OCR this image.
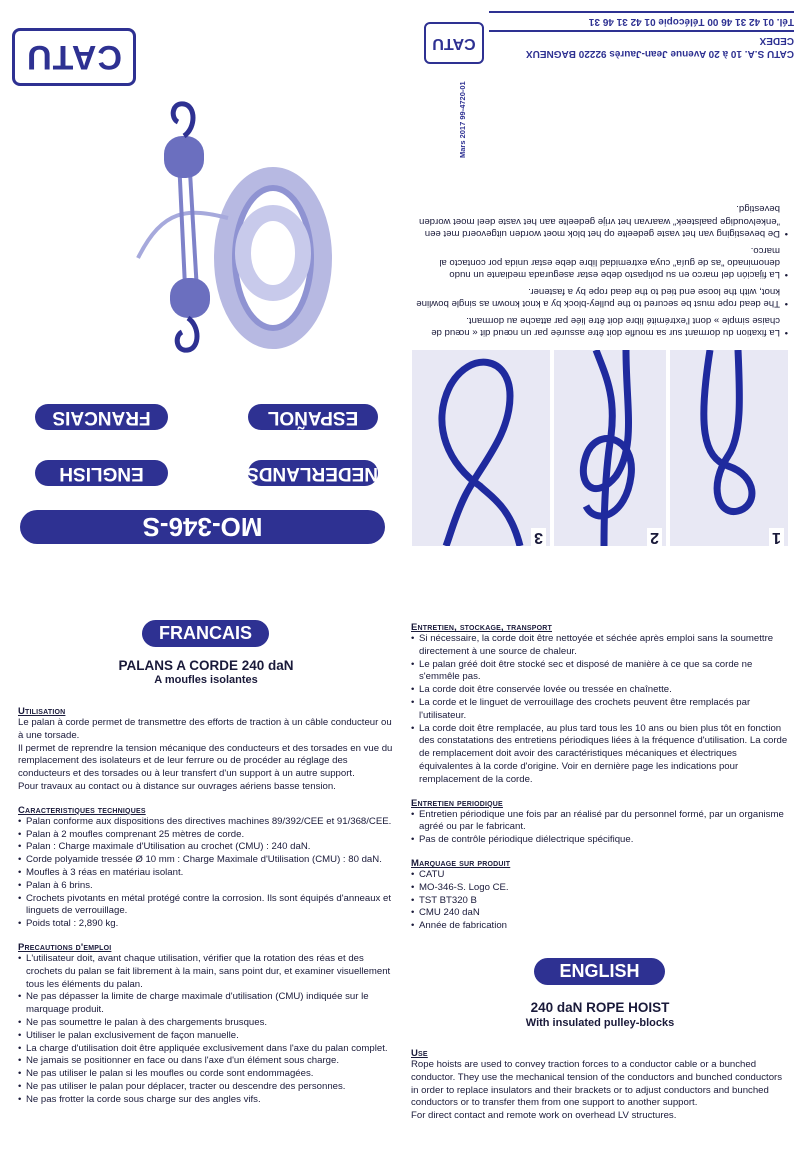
1
2
3
• La fixation du dormant sur sa moufle doit être assurée par un nœud dit « nœud de chaise simple » dont l'extrémité libre doit être liée par attache au dormant.
• The dead rope must be secured to the pulley-block by a knot known as single bowline knot, with the loose end tied to the dead rope by a fastener.
• La fijación del marco en su polipasto debe estar asegurada mediante un nudo denominado "as de guía" cuya extremidad libre debe estar unida por contacto al marco.
• De bevestiging van het vaste gedeelte op het blok moet worden uitgevoerd met een "enkelvoudige paalsteek" waarvan het vrije gedeelte aan het vaste deel moet worden bevestigd.
Mars 2017 99-4720-01
CATU S.A. 10 à 20 Avenue Jean-Jaurès 92220 BAGNEUX CEDEX
Tél. 01 42 31 46 00 Télécopie 01 42 31 46 31
CATU
MO-346-S
NEDERLANDS
ENGLISH
ESPAÑOL
FRANCAIS
CATU
FRANCAIS
PALANS A CORDE 240 daN
A moufles isolantes
Utilisation

Le palan à corde permet de transmettre des efforts de traction à un câble conducteur ou à une torsade.

Il permet de reprendre la tension mécanique des conducteurs et des torsades en vue du remplacement des isolateurs et de leur ferrure ou de procéder au réglage des conducteurs et des torsades ou à leur transfert d'un support à un autre support.

Pour travaux au contact ou à distance sur ouvrages aériens basse tension.

Caracteristiques techniques
• Palan conforme aux dispositions des directives machines 89/392/CEE et 91/368/CEE.
• Palan à 2 moufles comprenant 25 mètres de corde.
• Palan : Charge maximale d'Utilisation au crochet (CMU) : 240 daN.
• Corde polyamide tressée Ø 10 mm : Charge Maximale d'Utilisation (CMU) : 80 daN.
• Moufles à 3 réas en matériau isolant.
• Palan à 6 brins.
• Crochets pivotants en métal protégé contre la corrosion. Ils sont équipés d'anneaux et linguets de verrouillage.
• Poids total : 2,890 kg.
Precautions d'emploi
• L'utilisateur doit, avant chaque utilisation, vérifier que la rotation des réas et des crochets du palan se fait librement à la main, sans point dur, et examiner visuellement tous les éléments du palan.
• Ne pas dépasser la limite de charge maximale d'utilisation (CMU) indiquée sur le marquage produit.
• Ne pas soumettre le palan à des chargements brusques.
• Utiliser le palan exclusivement de façon manuelle.
• La charge d'utilisation doit être appliquée exclusivement dans l'axe du palan complet.
• Ne jamais se positionner en face ou dans l'axe d'un élément sous charge.
• Ne pas utiliser le palan si les moufles ou corde sont endommagées.
• Ne pas utiliser le palan pour déplacer, tracter ou descendre des personnes.
• Ne pas frotter la corde sous charge sur des angles vifs.
Entretien, stockage, transport
• Si nécessaire, la corde doit être nettoyée et séchée après emploi sans la soumettre directement à une source de chaleur.
• Le palan gréé doit être stocké sec et disposé de manière à ce que sa corde ne s'emmêle pas.
• La corde doit être conservée lovée ou tressée en chaînette.
• La corde et le linguet de verrouillage des crochets peuvent être remplacés par l'utilisateur.
• La corde doit être remplacée, au plus tard tous les 10 ans ou bien plus tôt en fonction des constatations des entretiens périodiques liées à la fréquence d'utilisation. La corde de remplacement doit avoir des caractéristiques mécaniques et électriques équivalentes à la corde d'origine. Voir en dernière page les indications pour remplacement de la corde.
Entretien periodique
• Entretien périodique une fois par an réalisé par du personnel formé, par un organisme agréé ou par le fabricant.
• Pas de contrôle périodique diélectrique spécifique.
Marquage sur produit
• CATU
• MO-346-S. Logo CE.
• TST BT320 B
• CMU 240 daN
• Année de fabrication
ENGLISH
240 daN ROPE HOIST
With insulated pulley-blocks
Use

Rope hoists are used to convey traction forces to a conductor cable or a bunched conductor. They use the mechanical tension of the conductors and bunched conductors in order to replace insulators and their brackets or to adjust conductors and bunched conductors or to transfer them from one support to another support.

For direct contact and remote work on overhead LV structures.
